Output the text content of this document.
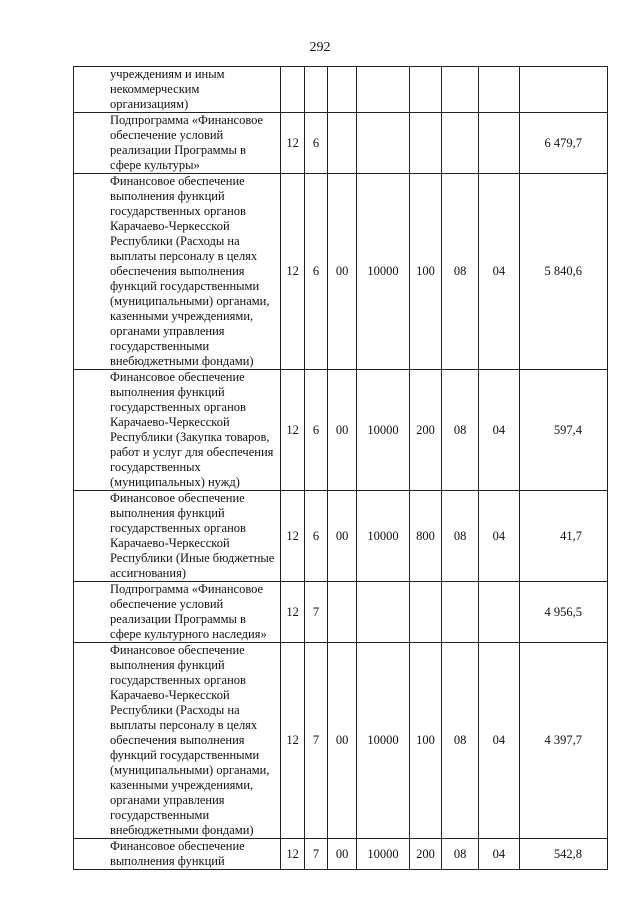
292
учреждениям и иным некоммерческим организациям)								
Подпрограмма «Финансовое обеспечение условий реализации Программы в сфере культуры»	12	6						6 479,7
Финансовое обеспечение выполнения функций государственных органов Карачаево-Черкесской Республики (Расходы на выплаты персоналу в целях обеспечения выполнения функций государственными (муниципальными) органами, казенными учреждениями, органами управления государственными внебюджетными фондами)	12	6	00	10000	100	08	04	5 840,6
Финансовое обеспечение выполнения функций государственных органов Карачаево-Черкесской Республики (Закупка товаров, работ и услуг для обеспечения государственных (муниципальных) нужд)	12	6	00	10000	200	08	04	597,4
Финансовое обеспечение выполнения функций государственных органов Карачаево-Черкесской Республики (Иные бюджетные ассигнования)	12	6	00	10000	800	08	04	41,7
Подпрограмма «Финансовое обеспечение условий реализации Программы в сфере культурного наследия»	12	7						4 956,5
Финансовое обеспечение выполнения функций государственных органов Карачаево-Черкесской Республики (Расходы на выплаты персоналу в целях обеспечения выполнения функций государственными (муниципальными) органами, казенными учреждениями, органами управления государственными внебюджетными фондами)	12	7	00	10000	100	08	04	4 397,7
Финансовое обеспечение выполнения функций	12	7	00	10000	200	08	04	542,8
